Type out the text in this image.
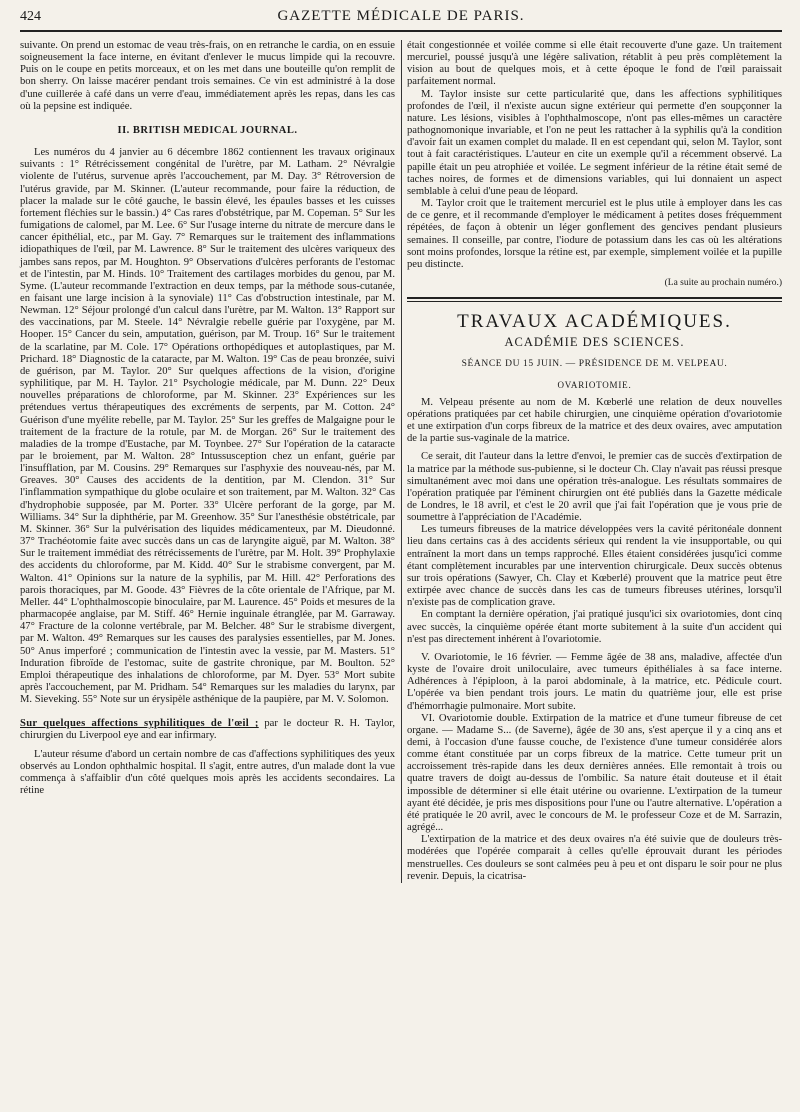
424	GAZETTE MÉDICALE DE PARIS.

suivante. On prend un estomac de veau très-frais, on en retranche le cardia, on en essuie soigneusement la face interne, en évitant d'enlever le mucus limpide qui la recouvre. Puis on le coupe en petits morceaux, et on les met dans une bouteille qu'on remplit de bon sherry. On laisse macérer pendant trois semaines. Ce vin est administré à la dose d'une cuillerée à café dans un verre d'eau, immédiatement après les repas, dans les cas où la pepsine est indiquée.

II. BRITISH MEDICAL JOURNAL.

Les numéros du 4 janvier au 6 décembre 1862 contiennent les travaux originaux suivants : 1° Rétrécissement congénital de l'urètre, par M. Latham. 2° Névralgie violente de l'utérus, survenue après l'accouchement, par M. Day. 3° Rétroversion de l'utérus gravide, par M. Skinner. (L'auteur recommande, pour faire la réduction, de placer la malade sur le côté gauche, le bassin élevé, les épaules basses et les cuisses fortement fléchies sur le bassin.) 4° Cas rares d'obstétrique, par M. Copeman. 5° Sur les fumigations de calomel, par M. Lee. 6° Sur l'usage interne du nitrate de mercure dans le cancer épithélial, etc., par M. Gay. 7° Remarques sur le traitement des inflammations idiopathiques de l'œil, par M. Lawrence. 8° Sur le traitement des ulcères variqueux des jambes sans repos, par M. Houghton. 9° Observations d'ulcères perforants de l'estomac et de l'intestin, par M. Hinds. 10° Traitement des cartilages morbides du genou, par M. Syme. (L'auteur recommande l'extraction en deux temps, par la méthode sous-cutanée, en faisant une large incision à la synoviale) 11° Cas d'obstruction intestinale, par M. Newman. 12° Séjour prolongé d'un calcul dans l'urètre, par M. Walton. 13° Rapport sur des vaccinations, par M. Steele. 14° Névralgie rebelle guérie par l'oxygène, par M. Hooper. 15° Cancer du sein, amputation, guérison, par M. Troup. 16° Sur le traitement de la scarlatine, par M. Cole. 17° Opérations orthopédiques et autoplastiques, par M. Prichard. 18° Diagnostic de la cataracte, par M. Walton. 19° Cas de peau bronzée, suivi de guérison, par M. Taylor. 20° Sur quelques affections de la vision, d'origine syphilitique, par M. H. Taylor. 21° Psychologie médicale, par M. Dunn. 22° Deux nouvelles préparations de chloroforme, par M. Skinner. 23° Expériences sur les prétendues vertus thérapeutiques des excréments de serpents, par M. Cotton. 24° Guérison d'une myélite rebelle, par M. Taylor. 25° Sur les greffes de Malgaigne pour le traitement de la fracture de la rotule, par M. de Morgan. 26° Sur le traitement des maladies de la trompe d'Eustache, par M. Toynbee. 27° Sur l'opération de la cataracte par le broiement, par M. Walton. 28° Intussusception chez un enfant, guérie par l'insufflation, par M. Cousins. 29° Remarques sur l'asphyxie des nouveau-nés, par M. Greaves. 30° Causes des accidents de la dentition, par M. Clendon. 31° Sur l'inflammation sympathique du globe oculaire et son traitement, par M. Walton. 32° Cas d'hydrophobie supposée, par M. Porter. 33° Ulcère perforant de la gorge, par M. Williams. 34° Sur la diphthérie, par M. Greenhow. 35° Sur l'anesthésie obstétricale, par M. Skinner. 36° Sur la pulvérisation des liquides médicamenteux, par M. Dieudonné. 37° Trachéotomie faite avec succès dans un cas de laryngite aiguë, par M. Walton. 38° Sur le traitement immédiat des rétrécissements de l'urètre, par M. Holt. 39° Prophylaxie des accidents du chloroforme, par M. Kidd. 40° Sur le strabisme convergent, par M. Walton. 41° Opinions sur la nature de la syphilis, par M. Hill. 42° Perforations des parois thoraciques, par M. Goode. 43° Fièvres de la côte orientale de l'Afrique, par M. Meller. 44° L'ophthalmoscopie binoculaire, par M. Laurence. 45° Poids et mesures de la pharmacopée anglaise, par M. Stiff. 46° Hernie inguinale étranglée, par M. Garraway. 47° Fracture de la colonne vertébrale, par M. Belcher. 48° Sur le strabisme divergent, par M. Walton. 49° Remarques sur les causes des paralysies essentielles, par M. Jones. 50° Anus imperforé ; communication de l'intestin avec la vessie, par M. Masters. 51° Induration fibroïde de l'estomac, suite de gastrite chronique, par M. Boulton. 52° Emploi thérapeutique des inhalations de chloroforme, par M. Dyer. 53° Mort subite après l'accouchement, par M. Pridham. 54° Remarques sur les maladies du larynx, par M. Sieveking. 55° Note sur un érysipèle asthénique de la paupière, par M. V. Solomon.

Sur quelques affections syphilitiques de l'œil ; par le docteur R. H. Taylor, chirurgien du Liverpool eye and ear infirmary.

L'auteur résume d'abord un certain nombre de cas d'affections syphilitiques des yeux observés au London ophthalmic hospital. Il s'agit, entre autres, d'un malade dont la vue commença à s'affaiblir d'un côté quelques mois après les accidents secondaires. La rétine

était congestionnée et voilée comme si elle était recouverte d'une gaze. Un traitement mercuriel, poussé jusqu'à une légère salivation, rétablit à peu près complètement la vision au bout de quelques mois, et à cette époque le fond de l'œil paraissait parfaitement normal.

M. Taylor insiste sur cette particularité que, dans les affections syphilitiques profondes de l'œil, il n'existe aucun signe extérieur qui permette d'en soupçonner la nature. Les lésions, visibles à l'ophthalmoscope, n'ont pas elles-mêmes un caractère pathognomonique invariable, et l'on ne peut les rattacher à la syphilis qu'à la condition d'avoir fait un examen complet du malade. Il en est cependant qui, selon M. Taylor, sont tout à fait caractéristiques. L'auteur en cite un exemple qu'il a récemment observé. La papille était un peu atrophiée et voilée. Le segment inférieur de la rétine était semé de taches noires, de formes et de dimensions variables, qui lui donnaient un aspect semblable à celui d'une peau de léopard.

M. Taylor croit que le traitement mercuriel est le plus utile à employer dans les cas de ce genre, et il recommande d'employer le médicament à petites doses fréquemment répétées, de façon à obtenir un léger gonflement des gencives pendant plusieurs semaines. Il conseille, par contre, l'iodure de potassium dans les cas où les altérations sont moins profondes, lorsque la rétine est, par exemple, simplement voilée et la pupille peu distincte.

(La suite au prochain numéro.)
TRAVAUX ACADÉMIQUES.
ACADÉMIE DES SCIENCES.
SÉANCE DU 15 JUIN. — PRÉSIDENCE DE M. VELPEAU.
OVARIOTOMIE.

M. Velpeau présente au nom de M. Kœberlé une relation de deux nouvelles opérations pratiquées par cet habile chirurgien, une cinquième opération d'ovariotomie et une extirpation d'un corps fibreux de la matrice et des deux ovaires, avec amputation de la partie sus-vaginale de la matrice.

Ce serait, dit l'auteur dans la lettre d'envoi, le premier cas de succès d'extirpation de la matrice par la méthode sus-pubienne, si le docteur Ch. Clay n'avait pas réussi presque simultanément avec moi dans une opération très-analogue. Les résultats sommaires de l'opération pratiquée par l'éminent chirurgien ont été publiés dans la Gazette médicale de Londres, le 18 avril, et c'est le 20 avril que j'ai fait l'opération que je vous prie de soumettre à l'appréciation de l'Académie.

Les tumeurs fibreuses de la matrice développées vers la cavité péritonéale donnent lieu dans certains cas à des accidents sérieux qui rendent la vie insupportable, ou qui entraînent la mort dans un temps rapproché. Elles étaient considérées jusqu'ici comme étant complètement incurables par une intervention chirurgicale. Deux succès obtenus sur trois opérations (Sawyer, Ch. Clay et Kœberlé) prouvent que la matrice peut être extirpée avec chance de succès dans les cas de tumeurs fibreuses utérines, lorsqu'il n'existe pas de complication grave.

En comptant la dernière opération, j'ai pratiqué jusqu'ici six ovariotomies, dont cinq avec succès, la cinquième opérée étant morte subitement à la suite d'un accident qui n'est pas directement inhérent à l'ovariotomie.

V. Ovariotomie, le 16 février. — Femme âgée de 38 ans, maladive, affectée d'un kyste de l'ovaire droit uniloculaire, avec tumeurs épithéliales à sa face interne. Adhérences à l'épiploon, à la paroi abdominale, à la matrice, etc. Pédicule court. L'opérée va bien pendant trois jours. Le matin du quatrième jour, elle est prise d'hémorrhagie pulmonaire. Mort subite.

VI. Ovariotomie double. Extirpation de la matrice et d'une tumeur fibreuse de cet organe. — Madame S... (de Saverne), âgée de 30 ans, s'est aperçue il y a cinq ans et demi, à l'occasion d'une fausse couche, de l'existence d'une tumeur considérée alors comme étant constituée par un corps fibreux de la matrice. Cette tumeur prit un accroissement très-rapide dans les deux dernières années. Elle remontait à trois ou quatre travers de doigt au-dessus de l'ombilic. Sa nature était douteuse et il était impossible de déterminer si elle était utérine ou ovarienne. L'extirpation de la tumeur ayant été décidée, je pris mes dispositions pour l'une ou l'autre alternative. L'opération a été pratiquée le 20 avril, avec le concours de M. le professeur Coze et de M. Sarrazin, agrégé...

L'extirpation de la matrice et des deux ovaires n'a été suivie que de douleurs très-modérées que l'opérée comparait à celles qu'elle éprouvait durant les périodes menstruelles. Ces douleurs se sont calmées peu à peu et ont disparu le soir pour ne plus revenir. Depuis, la cicatrisa-
